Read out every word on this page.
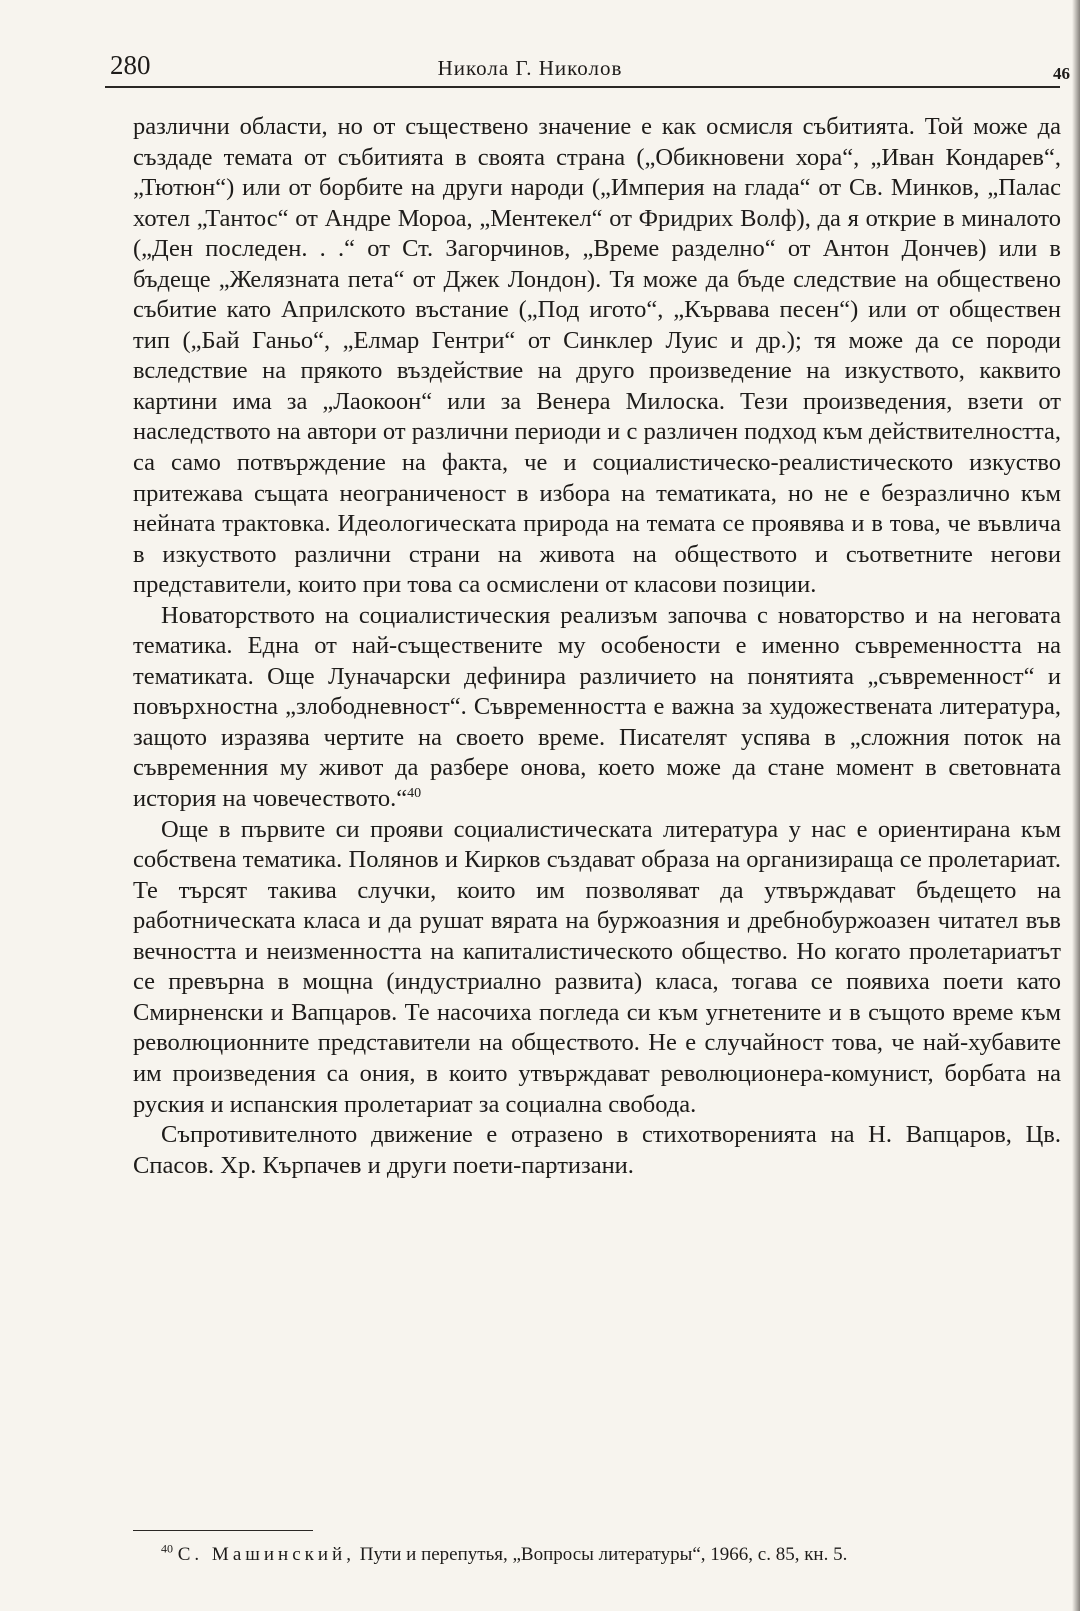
280	Никола Г. Николов	46

различни области, но от съществено значение е как осмисля събитията. Той може да създаде темата от събитията в своята страна („Обикновени хора“, „Иван Кондарев“, „Тютюн“) или от борбите на други народи („Империя на глада“ от Св. Минков, „Палас хотел „Тантос“ от Андре Мороа, „Ментекел“ от Фридрих Волф), да я открие в миналото („Ден последен. . .“ от Ст. Загорчинов, „Време разделно“ от Антон Дончев) или в бъдеще „Желязната пета“ от Джек Лондон). Тя може да бъде следствие на обществено събитие като Априлското въстание („Под игото“, „Кървава песен“) или от обществен тип („Бай Ганьо“, „Елмар Гентри“ от Синклер Луис и др.); тя може да се породи вследствие на прякото въздействие на друго произведение на изкуството, каквито картини има за „Лаокоон“ или за Венера Милоска. Тези произведения, взети от наследството на автори от различни периоди и с различен подход към действителността, са само потвърждение на факта, че и социалистическо-реалистическото изкуство притежава същата неограниченост в избора на тематиката, но не е безразлично към нейната трактовка. Идеологическата природа на темата се проявява и в това, че въвлича в изкуството различни страни на живота на обществото и съответните негови представители, които при това са осмислени от класови позиции.

Новаторството на социалистическия реализъм започва с новаторство и на неговата тематика. Една от най-съществените му особености е именно съвременността на тематиката. Още Луначарски дефинира различието на понятията „съвременност“ и повърхностна „злободневност“. Съвременността е важна за художествената литература, защото изразява чертите на своето време. Писателят успява в „сложния поток на съвременния му живот да разбере онова, което може да стане момент в световната история на човечеството.“$^{40}$

Още в първите си прояви социалистическата литература у нас е ориентирана към собствена тематика. Полянов и Кирков създават образа на организираща се пролетариат. Те търсят такива случки, които им позволяват да утвърждават бъдещето на работническата класа и да рушат вярата на буржоазния и дребнобуржоазен читател във вечността и неизменността на капиталистическото общество. Но когато пролетариатът се превърна в мощна (индустриално развита) класа, тогава се появиха поети като Смирненски и Вапцаров. Те насочиха погледа си към угнетените и в същото време към революционните представители на обществото. Не е случайност това, че най-хубавите им произведения са ония, в които утвърждават революционера-комунист, борбата на руския и испанския пролетариат за социална свобода.

Съпротивителното движение е отразено в стихотворенията на Н. Вапцаров, Цв. Спасов. Хр. Кърпачев и други поети-партизани.

$^{40}$ С. Машинский, Пути и перепутья, „Вопросы литературы“, 1966, с. 85, кн. 5.
